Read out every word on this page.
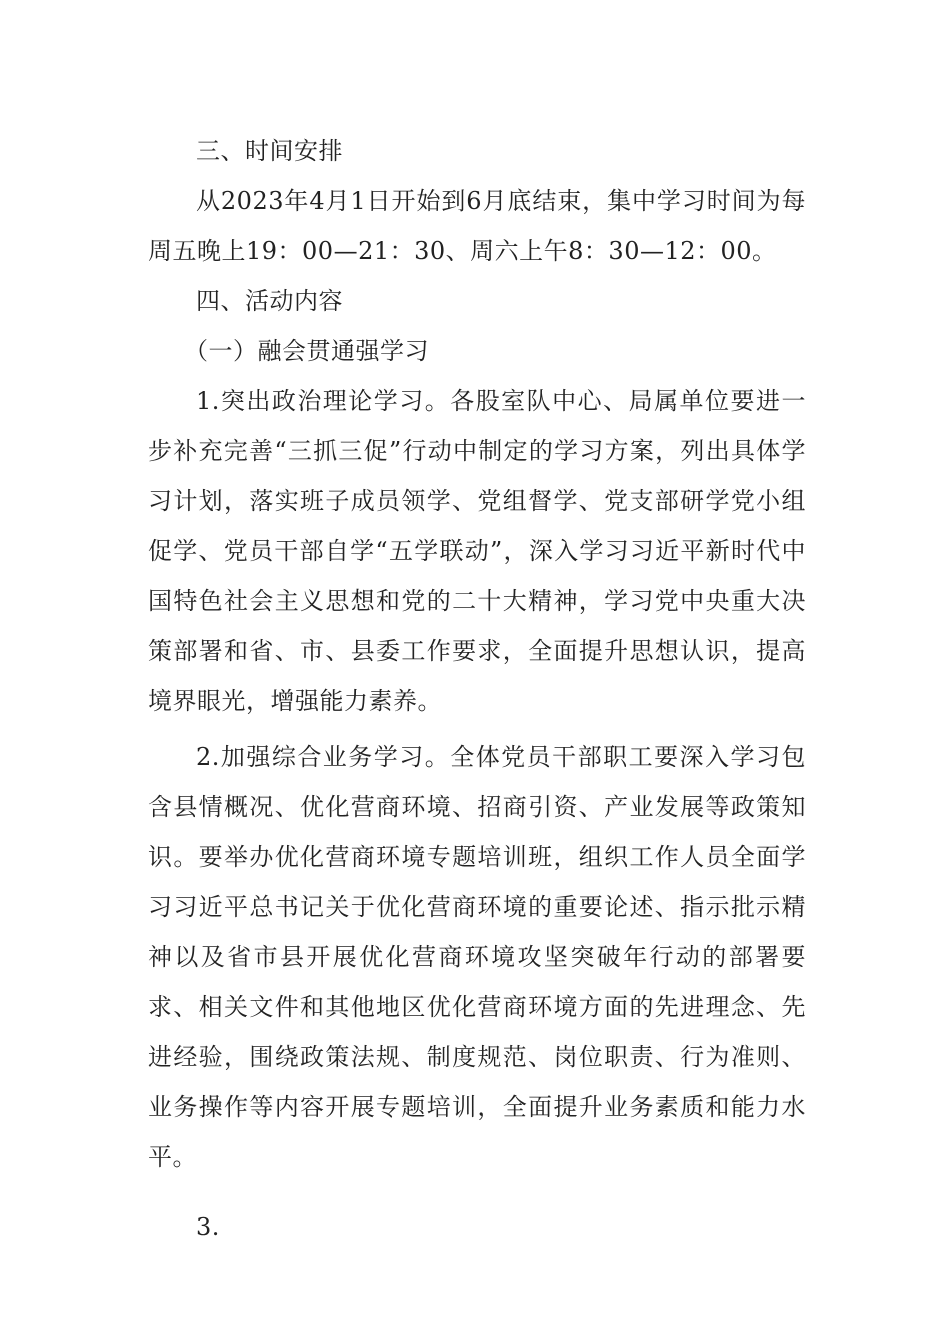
三、时间安排

从2023年4月1日开始到6月底结束，集中学习时间为每周五晚上19：00—21：30、周六上午8：30—12：00。

四、活动内容

（一）融会贯通强学习

1.突出政治理论学习。各股室队中心、局属单位要进一步补充完善“三抓三促”行动中制定的学习方案，列出具体学习计划，落实班子成员领学、党组督学、党支部研学党小组促学、党员干部自学“五学联动”，深入学习习近平新时代中国特色社会主义思想和党的二十大精神，学习党中央重大决策部署和省、市、县委工作要求，全面提升思想认识，提高境界眼光，增强能力素养。

2.加强综合业务学习。全体党员干部职工要深入学习包含县情概况、优化营商环境、招商引资、产业发展等政策知识。要举办优化营商环境专题培训班，组织工作人员全面学习习近平总书记关于优化营商环境的重要论述、指示批示精神以及省市县开展优化营商环境攻坚突破年行动的部署要求、相关文件和其他地区优化营商环境方面的先进理念、先进经验，围绕政策法规、制度规范、岗位职责、行为准则、业务操作等内容开展专题培训，全面提升业务素质和能力水平。

3.
